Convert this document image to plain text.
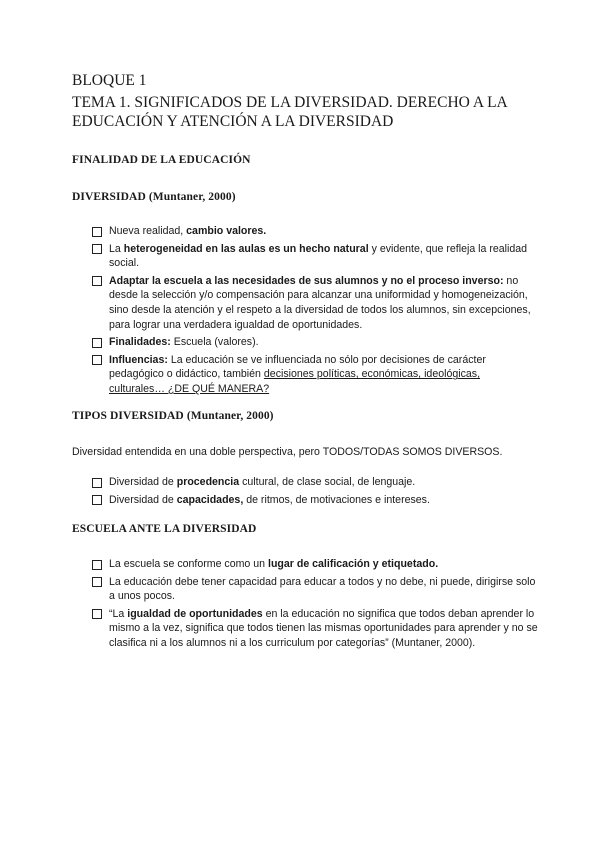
BLOQUE 1
TEMA 1. SIGNIFICADOS DE LA DIVERSIDAD. DERECHO A LA EDUCACIÓN Y ATENCIÓN A LA DIVERSIDAD
FINALIDAD DE LA EDUCACIÓN
DIVERSIDAD (Muntaner, 2000)
Nueva realidad, cambio valores.
La heterogeneidad en las aulas es un hecho natural y evidente, que refleja la realidad social.
Adaptar la escuela a las necesidades de sus alumnos y no el proceso inverso: no desde la selección y/o compensación para alcanzar una uniformidad y homogeneización, sino desde la atención y el respeto a la diversidad de todos los alumnos, sin excepciones, para lograr una verdadera igualdad de oportunidades.
Finalidades: Escuela (valores).
Influencias: La educación se ve influenciada no sólo por decisiones de carácter pedagógico o didáctico, también decisiones políticas, económicas, ideológicas, culturales… ¿DE QUÉ MANERA?
TIPOS DIVERSIDAD (Muntaner, 2000)
Diversidad entendida en una doble perspectiva, pero TODOS/TODAS SOMOS DIVERSOS.
Diversidad de procedencia cultural, de clase social, de lenguaje.
Diversidad de capacidades, de ritmos, de motivaciones e intereses.
ESCUELA ANTE LA DIVERSIDAD
La escuela se conforme como un lugar de calificación y etiquetado.
La educación debe tener capacidad para educar a todos y no debe, ni puede, dirigirse solo a unos pocos.
“La igualdad de oportunidades en la educación no significa que todos deban aprender lo mismo a la vez, significa que todos tienen las mismas oportunidades para aprender y no se clasifica ni a los alumnos ni a los curriculum por categorías” (Muntaner, 2000).
